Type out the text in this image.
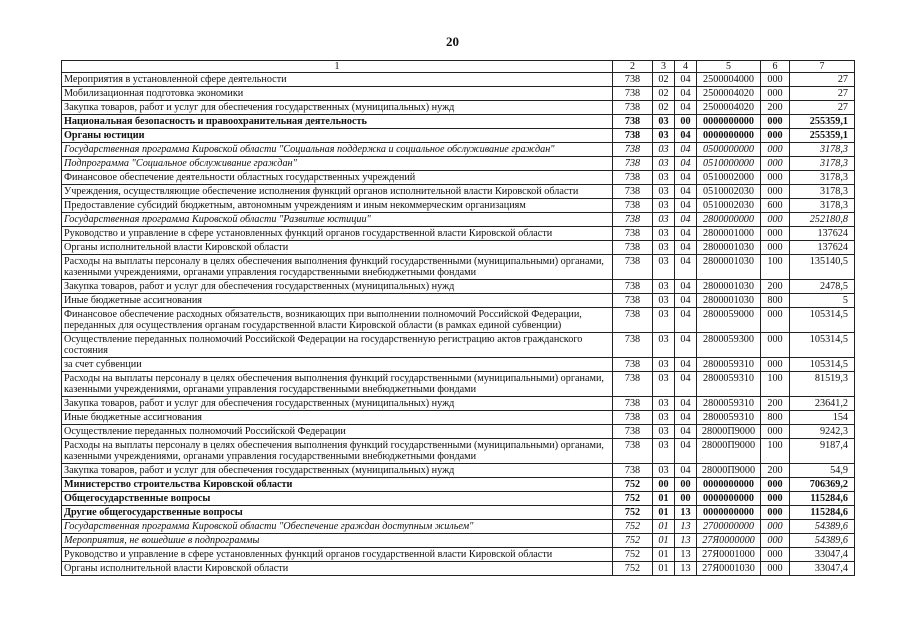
20
1	2	3	4	5	6	7
Мероприятия в установленной сфере деятельности	738	02	04	2500004000	000	27
Мобилизационная подготовка экономики	738	02	04	2500004020	000	27
Закупка товаров, работ и услуг для обеспечения государственных (муниципальных) нужд	738	02	04	2500004020	200	27
Национальная безопасность и правоохранительная деятельность	738	03	00	0000000000	000	255359,1
Органы юстиции	738	03	04	0000000000	000	255359,1
Государственная программа Кировской области "Социальная поддержка и социальное обслуживание граждан"	738	03	04	0500000000	000	3178,3
Подпрограмма "Социальное обслуживание граждан"	738	03	04	0510000000	000	3178,3
Финансовое обеспечение деятельности областных государственных учреждений	738	03	04	0510002000	000	3178,3
Учреждения, осуществляющие обеспечение исполнения функций органов исполнительной власти Кировской области	738	03	04	0510002030	000	3178,3
Предоставление субсидий бюджетным, автономным учреждениям и иным некоммерческим организациям	738	03	04	0510002030	600	3178,3
Государственная программа Кировской области "Развитие юстиции"	738	03	04	2800000000	000	252180,8
Руководство и управление в сфере установленных функций органов государственной власти Кировской области	738	03	04	2800001000	000	137624
Органы исполнительной власти Кировской области	738	03	04	2800001030	000	137624
Расходы на выплаты персоналу в целях обеспечения выполнения функций государственными (муниципальными) органами, казенными учреждениями, органами управления государственными внебюджетными фондами	738	03	04	2800001030	100	135140,5
Закупка товаров, работ и услуг для обеспечения государственных (муниципальных) нужд	738	03	04	2800001030	200	2478,5
Иные бюджетные ассигнования	738	03	04	2800001030	800	5
Финансовое обеспечение расходных обязательств, возникающих при выполнении полномочий Российской Федерации, переданных для осуществления органам государственной власти Кировской области (в рамках единой субвенции)	738	03	04	2800059000	000	105314,5
Осуществление переданных полномочий Российской Федерации на государственную регистрацию актов гражданского состояния	738	03	04	2800059300	000	105314,5
за счет субвенции	738	03	04	2800059310	000	105314,5
Расходы на выплаты персоналу в целях обеспечения выполнения функций государственными (муниципальными) органами, казенными учреждениями, органами управления государственными внебюджетными фондами	738	03	04	2800059310	100	81519,3
Закупка товаров, работ и услуг для обеспечения государственных (муниципальных) нужд	738	03	04	2800059310	200	23641,2
Иные бюджетные ассигнования	738	03	04	2800059310	800	154
Осуществление переданных полномочий Российской Федерации	738	03	04	28000П9000	000	9242,3
Расходы на выплаты персоналу в целях обеспечения выполнения функций государственными (муниципальными) органами, казенными учреждениями, органами управления государственными внебюджетными фондами	738	03	04	28000П9000	100	9187,4
Закупка товаров, работ и услуг для обеспечения государственных (муниципальных) нужд	738	03	04	28000П9000	200	54,9
Министерство строительства Кировской области	752	00	00	0000000000	000	706369,2
Общегосударственные вопросы	752	01	00	0000000000	000	115284,6
Другие общегосударственные вопросы	752	01	13	0000000000	000	115284,6
Государственная программа Кировской области "Обеспечение граждан доступным жильем"	752	01	13	2700000000	000	54389,6
Мероприятия, не вошедшие в подпрограммы	752	01	13	27Я0000000	000	54389,6
Руководство и управление в сфере установленных функций органов государственной власти Кировской области	752	01	13	27Я0001000	000	33047,4
Органы исполнительной власти Кировской области	752	01	13	27Я0001030	000	33047,4
